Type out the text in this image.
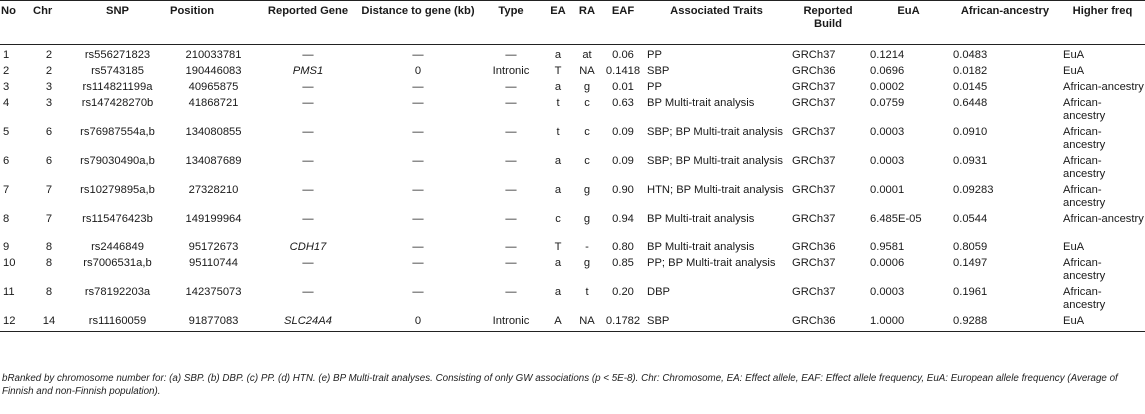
No	Chr	SNP	Position	Reported Gene	Distance to gene (kb)	Type	EA	RA	EAF	Associated Traits	Reported Build	EuA	African-ancestry	Higher freq
1	2	rs556271823	210033781	—	—	—	a	at	0.06	PP	GRCh37	0.1214	0.0483	EuA
2	2	rs5743185	190446083	PMS1	0	Intronic	T	NA	0.1418	SBP	GRCh36	0.0696	0.0182	EuA
3	3	rs114821199a	40965875	—	—	—	a	g	0.01	PP	GRCh37	0.0002	0.0145	African-ancestry
4	3	rs147428270b	41868721	—	—	—	t	c	0.63	BP Multi-trait analysis	GRCh37	0.0759	0.6448	African-ancestry
5	6	rs76987554a,b	134080855	—	—	—	t	c	0.09	SBP; BP Multi-trait analysis	GRCh37	0.0003	0.0910	African-ancestry
6	6	rs79030490a,b	134087689	—	—	—	a	c	0.09	SBP; BP Multi-trait analysis	GRCh37	0.0003	0.0931	African-ancestry
7	7	rs10279895a,b	27328210	—	—	—	a	g	0.90	HTN; BP Multi-trait analysis	GRCh37	0.0001	0.09283	African-ancestry
8	7	rs115476423b	149199964	—	—	—	c	g	0.94	BP Multi-trait analysis	GRCh37	6.485E-05	0.0544	African-ancestry
9	8	rs2446849	95172673	CDH17	—	—	T	-	0.80	BP Multi-trait analysis	GRCh36	0.9581	0.8059	EuA
10	8	rs7006531a,b	95110744	—	—	—	a	g	0.85	PP; BP Multi-trait analysis	GRCh37	0.0006	0.1497	African-ancestry
11	8	rs78192203a	142375073	—	—	—	a	t	0.20	DBP	GRCh37	0.0003	0.1961	African-ancestry
12	14	rs11160059	91877083	SLC24A4	0	Intronic	A	NA	0.1782	SBP	GRCh36	1.0000	0.9288	EuA
bRanked by chromosome number for: (a) SBP. (b) DBP. (c) PP. (d) HTN. (e) BP Multi-trait analyses. Consisting of only GW associations (p < 5E-8). Chr: Chromosome, EA: Effect allele, EAF: Effect allele frequency, EuA: European allele frequency (Average of Finnish and non-Finnish population).
